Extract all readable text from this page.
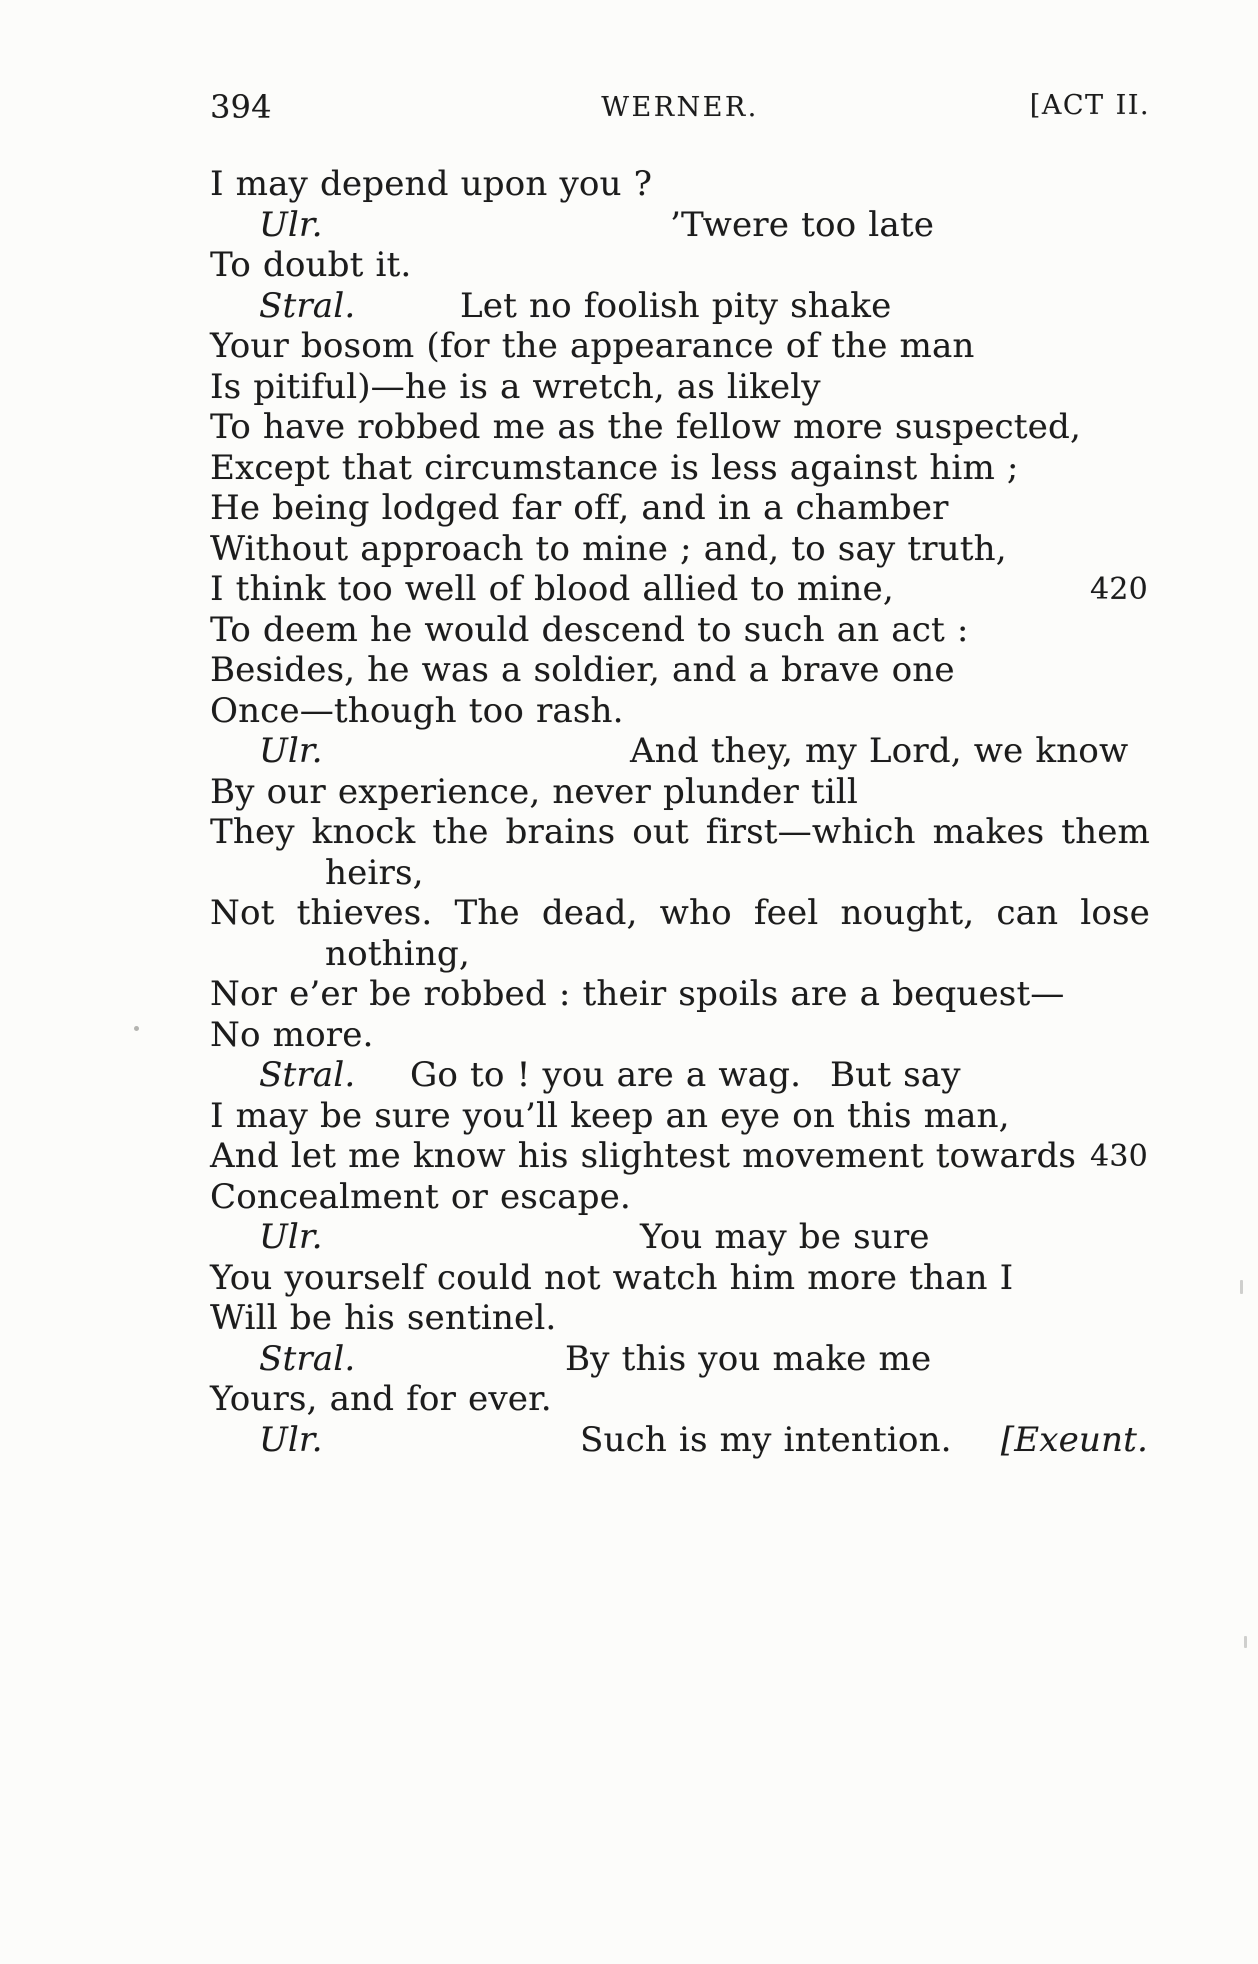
394	WERNER.	[ACT II.
I may depend upon you ?
Ulr.	’Twere too late
To doubt it.
Stral.	Let no foolish pity shake
Your bosom (for the appearance of the man
Is pitiful)—he is a wretch, as likely
To have robbed me as the fellow more suspected,
Except that circumstance is less against him ;
He being lodged far off, and in a chamber
Without approach to mine ; and, to say truth,
I think too well of blood allied to mine,	420
To deem he would descend to such an act :
Besides, he was a soldier, and a brave one
Once—though too rash.
Ulr.	And they, my Lord, we know
By our experience, never plunder till
They knock the brains out first—which makes them
heirs,
Not thieves. The dead, who feel nought, can lose
nothing,
Nor e’er be robbed : their spoils are a bequest—
No more.
Stral. Go to ! you are a wag. But say
I may be sure you’ll keep an eye on this man,
And let me know his slightest movement towards 430
Concealment or escape.
Ulr.	You may be sure
You yourself could not watch him more than I
Will be his sentinel.
Stral.	By this you make me
Yours, and for ever.
Ulr.	Such is my intention. [Exeunt.
